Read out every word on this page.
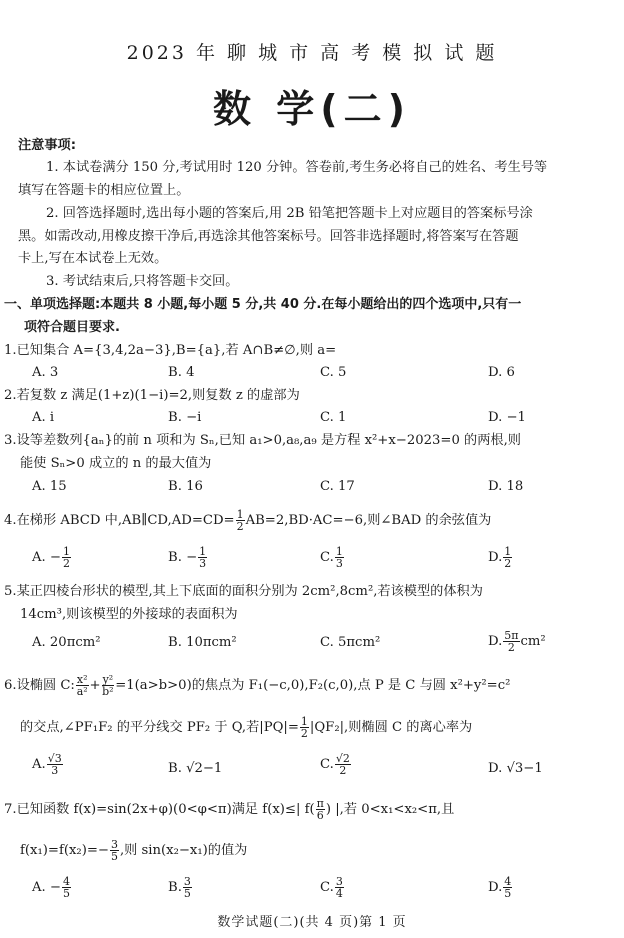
2023 年 聊 城 市 高 考 模 拟 试 题
数 学(二)
注意事项:
1. 本试卷满分 150 分,考试用时 120 分钟。答卷前,考生务必将自己的姓名、考生号等
填写在答题卡的相应位置上。
2. 回答选择题时,选出每小题的答案后,用 2B 铅笔把答题卡上对应题目的答案标号涂
黑。如需改动,用橡皮擦干净后,再选涂其他答案标号。回答非选择题时,将答案写在答题
卡上,写在本试卷上无效。
3. 考试结束后,只将答题卡交回。
一、单项选择题:本题共 8 小题,每小题 5 分,共 40 分.在每小题给出的四个选项中,只有一
项符合题目要求.
1.已知集合 A={3,4,2a−3},B={a},若 A∩B≠∅,则 a=
A. 3	B. 4	C. 5	D. 6
2.若复数 z 满足(1+z)(1−i)=2,则复数 z 的虚部为
A. i	B. −i	C. 1	D. −1
3.设等差数列{aₙ}的前 n 项和为 Sₙ,已知 a₁>0,a₈,a₉ 是方程 x²+x−2023=0 的两根,则
能使 Sₙ>0 成立的 n 的最大值为
A. 15	B. 16	C. 17	D. 18
4.在梯形 ABCD 中,AB∥CD,AD=CD= $\frac{1}{2} AB=2,BD\cdot AC=-6$,则∠BAD 的余弦值为
A. − $\frac{1}{2}$	B. − $\frac{1}{3}$	C. $\frac{1}{3}$	D. $\frac{1}{2}$
5.某正四棱台形状的模型,其上下底面的面积分别为 2cm²,8cm²,若该模型的体积为
14cm³,则该模型的外接球的表面积为
A. 20πcm²	B. 10πcm²	C. 5πcm²	D. $\frac{5\pi}{2} cm^2$
6.设椭圆 C: $\frac{\text{x²}}{\text{a²}} + \frac{\text{y²}}{\text{b²}} =1(a>b>0)$的焦点为 F₁(−c,0),F₂(c,0),点 P 是 C 与圆 x²+y²=c²
的交点,∠PF₁F₂ 的平分线交 PF₂ 于 Q,若$|PQ|= \frac{1}{2} |QF_2|$,则椭圆 C 的离心率为
A. $\frac{√3}{3}$	B. √2−1	C. $\frac{√2}{2}$	D. √3−1
7.已知函数 f(x)=sin(2x+φ)(0<φ<π)满足 f(x)≤| $f( \frac{\pi}{6}$ ) |,若 0<x₁<x₂<π,且
$f(x_1)=f(x_2)=- \frac{3}{5}$ ,则 sin(x₂−x₁)的值为
A. − $\frac{4}{5}$	B. $\frac{3}{5}$	C. $\frac{3}{4}$	D. $\frac{4}{5}$
数学试题(二)(共 4 页)第 1 页
